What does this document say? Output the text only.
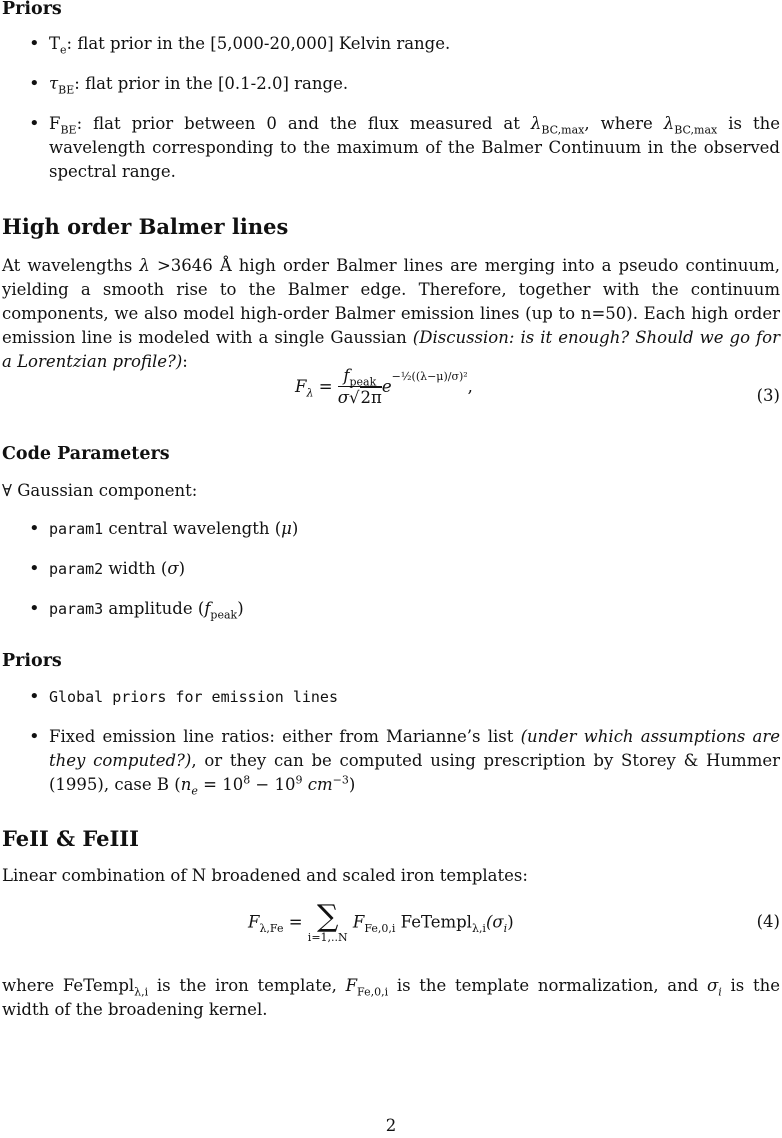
Priors
• $T_e$: flat prior in the [5,000-20,000] Kelvin range.
• $\tau_{BE}$: flat prior in the [0.1-2.0] range.
• $F_{BE}$: flat prior between 0 and the flux measured at $\lambda_{BC,max}$, where $\lambda_{BC,max}$ is the wavelength corresponding to the maximum of the Balmer Continuum in the observed spectral range.
High order Balmer lines

At wavelengths λ >3646 Å high order Balmer lines are merging into a pseudo continuum, yielding a smooth rise to the Balmer edge. Therefore, together with the continuum components, we also model high-order Balmer emission lines (up to n=50). Each high order emission line is modeled with a single Gaussian (Discussion: is it enough? Should we go for a Lorentzian profile?):

$F_\lambda = \frac{f_{peak}}{\sigma√2\pi} e^{-\frac{1}{2}((\lambda-\mu)/\sigma)^2}$,	(3)
Code Parameters

∀ Gaussian component:

• param1 central wavelength (μ)
• param2 width (σ)
• param3 amplitude $(f_{peak})$
Priors
• Global priors for emission lines
• Fixed emission line ratios: either from Marianne’s list (under which assumptions are they computed?), or they can be computed using prescription by Storey & Hummer (1995), case B ($n_e = 10^8 - 10^9$ $cm^{-3}$)
FeII & FeIII

Linear combination of N broadened and scaled iron templates:

$F_{\lambda,Fe}$ = ∑
i=1,..N
$F_{Fe,0,i}$ $FeTempl_{\lambda,i}(\sigma_i)$	(4)

where FeTempl$_{\lambda,i}$ is the iron template, $F_{Fe,0,i}$ is the template normalization, and $\sigma_i$ is the width of the broadening kernel.

2
